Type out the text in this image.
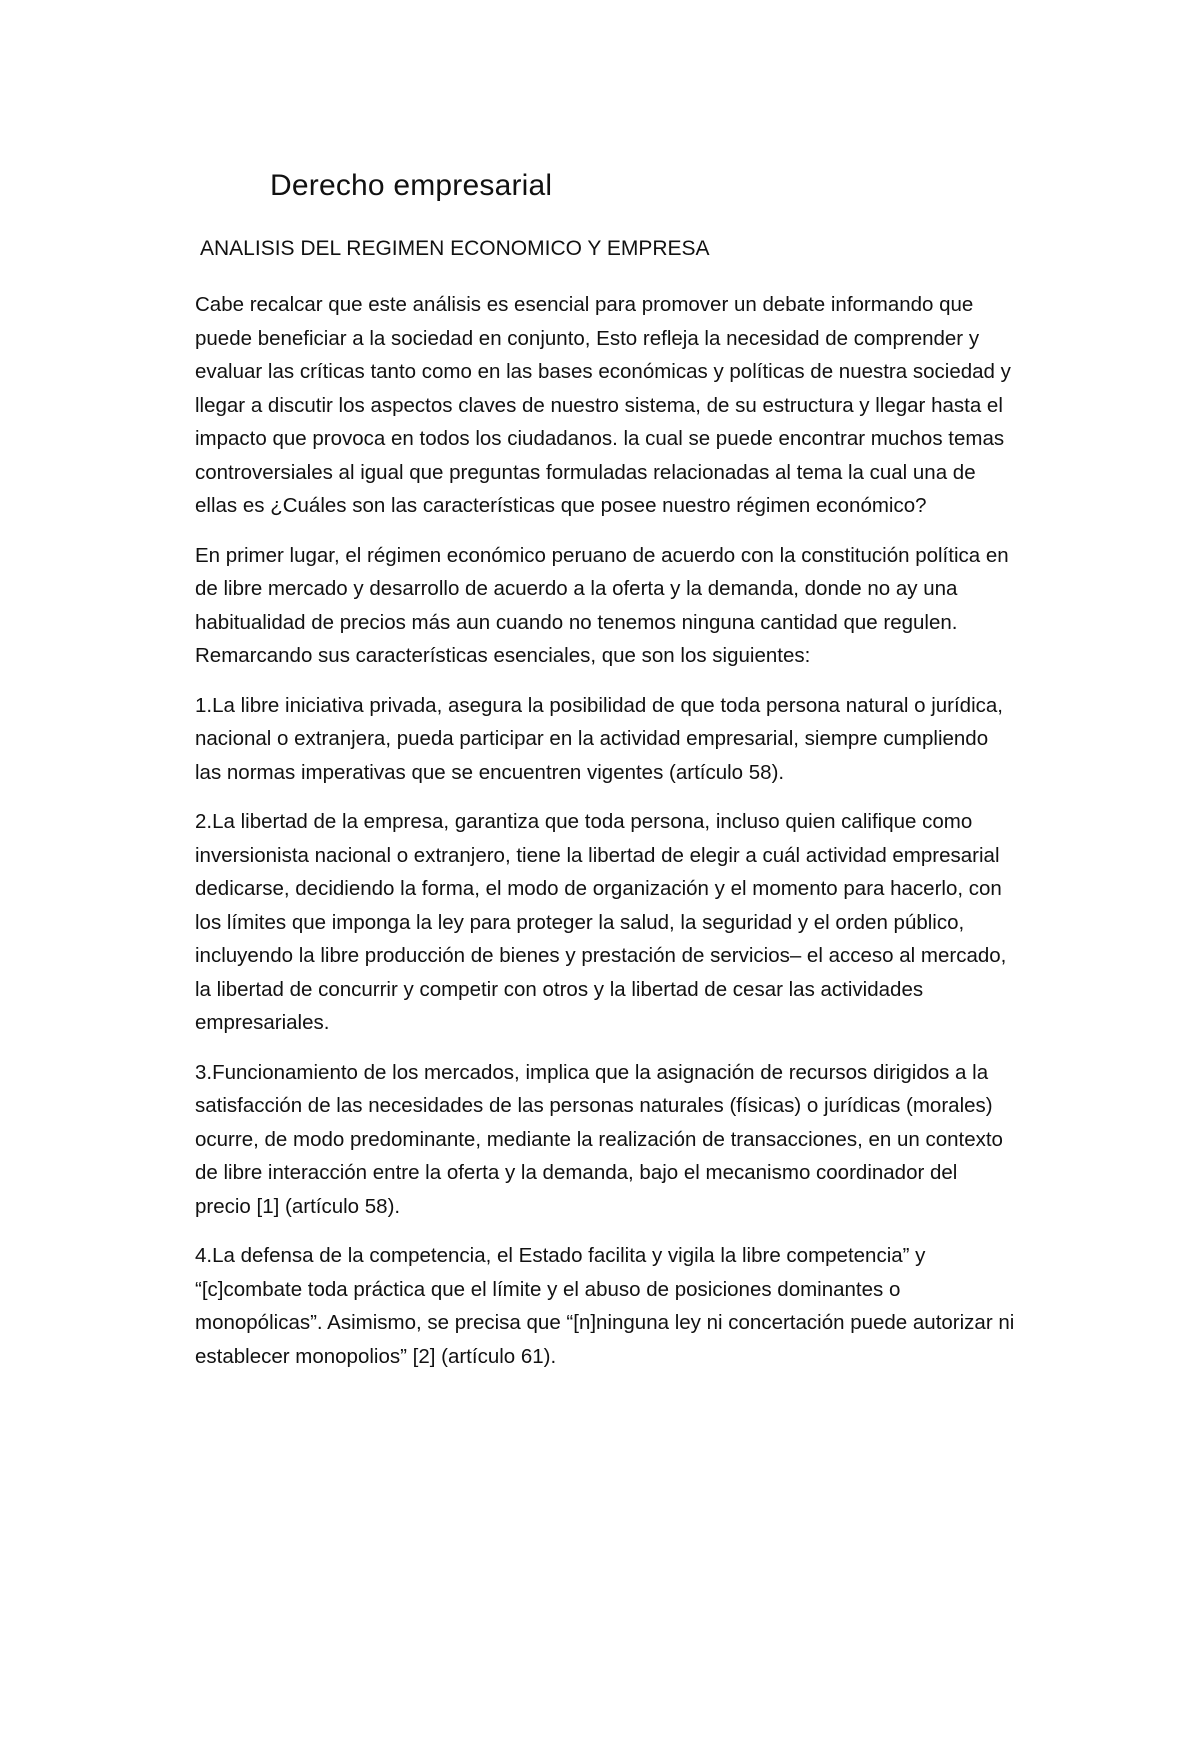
Derecho empresarial
ANALISIS DEL REGIMEN ECONOMICO Y EMPRESA

Cabe recalcar que este análisis es esencial para promover un debate informando que puede beneficiar a la sociedad en conjunto, Esto refleja la necesidad de comprender y evaluar las críticas tanto como en las bases económicas y políticas de nuestra sociedad y llegar a discutir los aspectos claves de nuestro sistema, de su estructura y llegar hasta el impacto que provoca en todos los ciudadanos. la cual se puede encontrar muchos temas controversiales al igual que preguntas formuladas relacionadas al tema la cual una de ellas es ¿Cuáles son las características que posee nuestro régimen económico?

En primer lugar, el régimen económico peruano de acuerdo con la constitución política en de libre mercado y desarrollo de acuerdo a la oferta y la demanda, donde no ay una habitualidad de precios más aun cuando no tenemos ninguna cantidad que regulen. Remarcando sus características esenciales, que son los siguientes:

1.La libre iniciativa privada, asegura la posibilidad de que toda persona natural o jurídica, nacional o extranjera, pueda participar en la actividad empresarial, siempre cumpliendo las normas imperativas que se encuentren vigentes (artículo 58).

2.La libertad de la empresa, garantiza que toda persona, incluso quien califique como inversionista nacional o extranjero, tiene la libertad de elegir a cuál actividad empresarial dedicarse, decidiendo la forma, el modo de organización y el momento para hacerlo, con los límites que imponga la ley para proteger la salud, la seguridad y el orden público, incluyendo la libre producción de bienes y prestación de servicios– el acceso al mercado, la libertad de concurrir y competir con otros y la libertad de cesar las actividades empresariales.

3.Funcionamiento de los mercados, implica que la asignación de recursos dirigidos a la satisfacción de las necesidades de las personas naturales (físicas) o jurídicas (morales) ocurre, de modo predominante, mediante la realización de transacciones, en un contexto de libre interacción entre la oferta y la demanda, bajo el mecanismo coordinador del precio [1] (artículo 58).

4.La defensa de la competencia, el Estado facilita y vigila la libre competencia” y “[c]combate toda práctica que el límite y el abuso de posiciones dominantes o monopólicas”. Asimismo, se precisa que “[n]ninguna ley ni concertación puede autorizar ni establecer monopolios” [2] (artículo 61).
